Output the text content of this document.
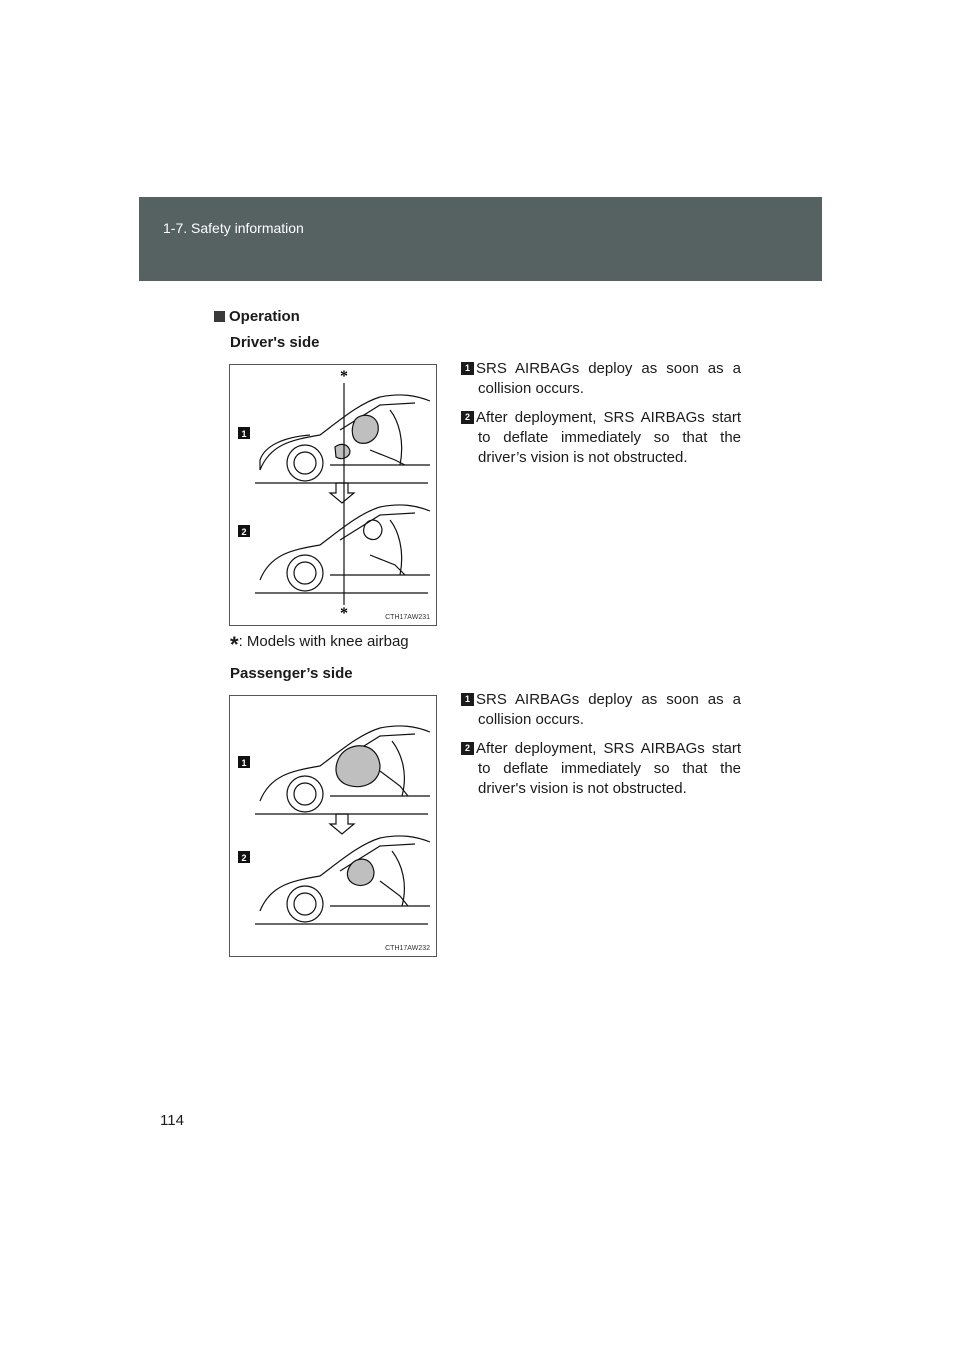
1-7. Safety information
Operation
Driver's side
*
*
1
2
CTH17AW231
1 SRS AIRBAGs deploy as soon as a collision occurs.
2 After deployment, SRS AIRBAGs start to deflate immediately so that the driver’s vision is not obstructed.
*: Models with knee airbag
Passenger’s side
1
2
CTH17AW232
1 SRS AIRBAGs deploy as soon as a collision occurs.
2 After deployment, SRS AIRBAGs start to deflate immediately so that the driver's vision is not obstructed.
114
